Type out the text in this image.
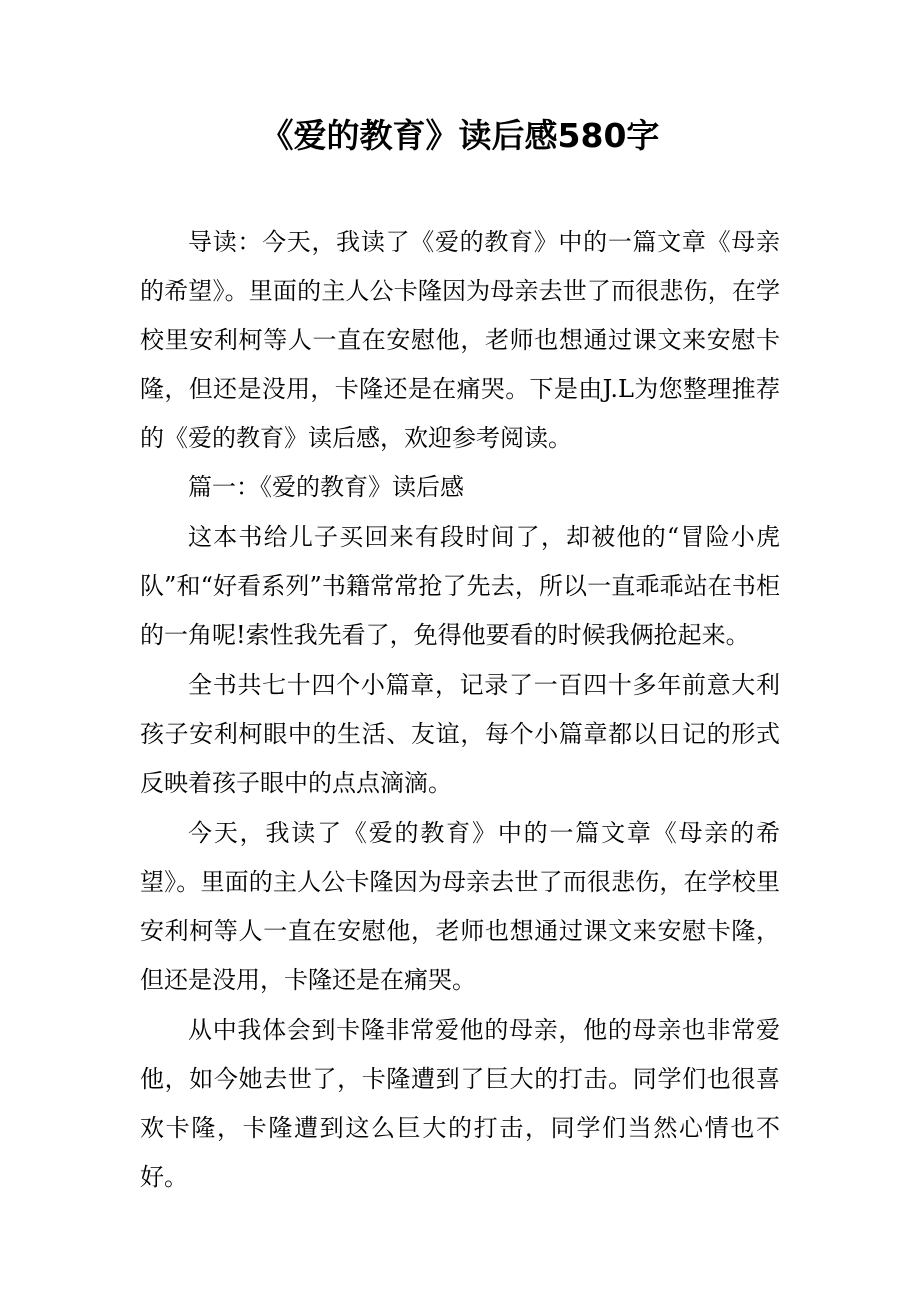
《爱的教育》读后感580字

导读：今天，我读了《爱的教育》中的一篇文章《母亲的希望》。里面的主人公卡隆因为母亲去世了而很悲伤，在学校里安利柯等人一直在安慰他，老师也想通过课文来安慰卡隆，但还是没用，卡隆还是在痛哭。下是由J.L为您整理推荐的《爱的教育》读后感，欢迎参考阅读。

篇一：《爱的教育》读后感

这本书给儿子买回来有段时间了，却被他的“冒险小虎队”和“好看系列”书籍常常抢了先去，所以一直乖乖站在书柜的一角呢!索性我先看了，免得他要看的时候我俩抢起来。

全书共七十四个小篇章，记录了一百四十多年前意大利孩子安利柯眼中的生活、友谊，每个小篇章都以日记的形式反映着孩子眼中的点点滴滴。

今天，我读了《爱的教育》中的一篇文章《母亲的希望》。里面的主人公卡隆因为母亲去世了而很悲伤，在学校里安利柯等人一直在安慰他，老师也想通过课文来安慰卡隆，但还是没用，卡隆还是在痛哭。

从中我体会到卡隆非常爱他的母亲，他的母亲也非常爱他，如今她去世了，卡隆遭到了巨大的打击。同学们也很喜欢卡隆，卡隆遭到这么巨大的打击，同学们当然心情也不好。
